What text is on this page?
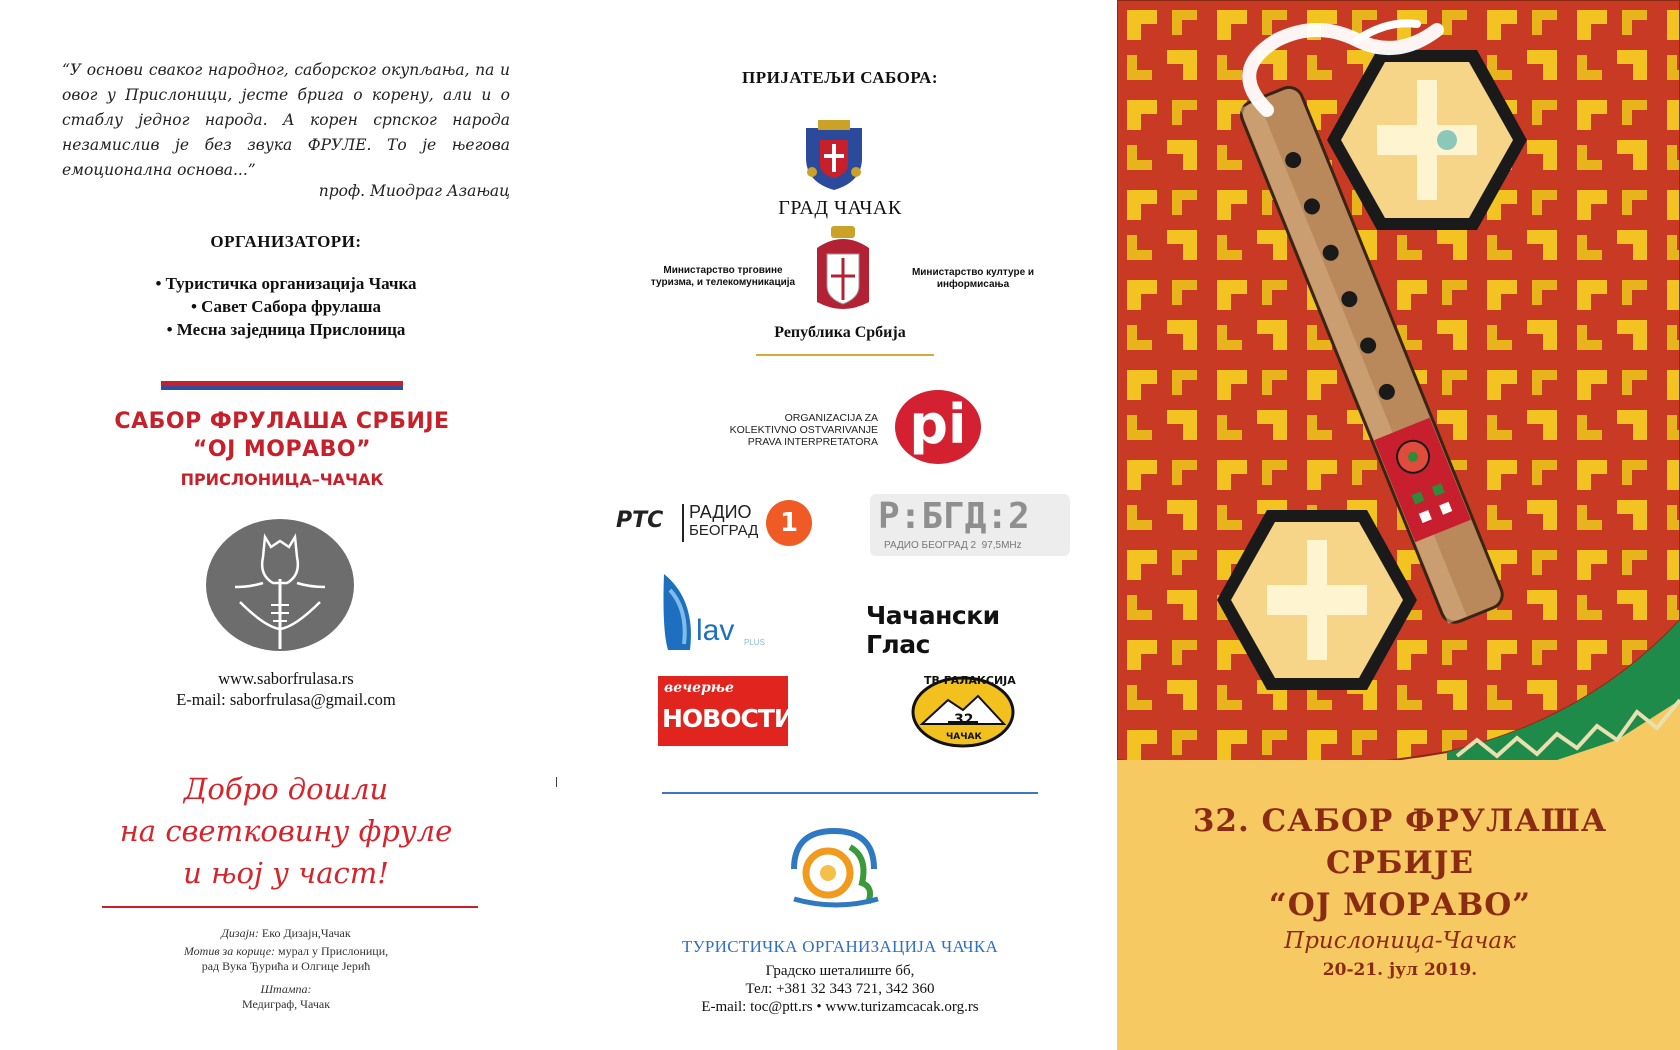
“У основи сваког народног, саборског окупљања, па и овог у Прислоници, јесте брига о корену, али и о стаблу једног народа. А корен српског народа незамислив је без звука ФРУЛЕ. То је његова емоционална основа...”
проф. Миодраг Азањац
ОРГАНИЗАТОРИ:
• Туристичка организација Чачка
• Савет Сабора фрулаша
• Месна заједница Прислоница
САБОР ФРУЛАША СРБИЈЕ
“ОЈ МОРАВО”
ПРИСЛОНИЦА–ЧАЧАК
www.saborfrulasa.rs
E-mail: saborfrulasa@gmail.com
Добро дошли
на светковину фруле
и њој у част!
Дизајн: Еко Дизајн,Чачак
Мотив за корице: мурал у Прислоници,
рад Вука Ђурића и Олгице Јерић
Штампа:
Медиграф, Чачак
ПРИЈАТЕЉИ САБОРА:
ГРАД ЧАЧАК
Министарство трговине туризма, и телекомуникација
Министарство културе и информисања
Република Србија
ORGANIZACIJA ZA
KOLEKTIVNO OSTVARIVANJE
PRAVA INTERPRETATORA pi
РТС РАДИО
БЕОГРАД 1	Р:БГД:2
РАДИО БЕОГРАД 2 97,5MHz
lav PLUS
Чачански Глас
вечерње
НОВОСТИ
ТВ ГАЛАКСИЈА
32
ЧАЧАК
ТУРИСТИЧКА ОРГАНИЗАЦИЈА ЧАЧКА
Градско шеталиште бб,
Тел: +381 32 343 721, 342 360
E-mail: toc@ptt.rs • www.turizamcacak.org.rs
32. САБОР ФРУЛАША СРБИЈЕ
“ОЈ МОРАВО”
Прислоница-Чачак
20-21. јул 2019.
